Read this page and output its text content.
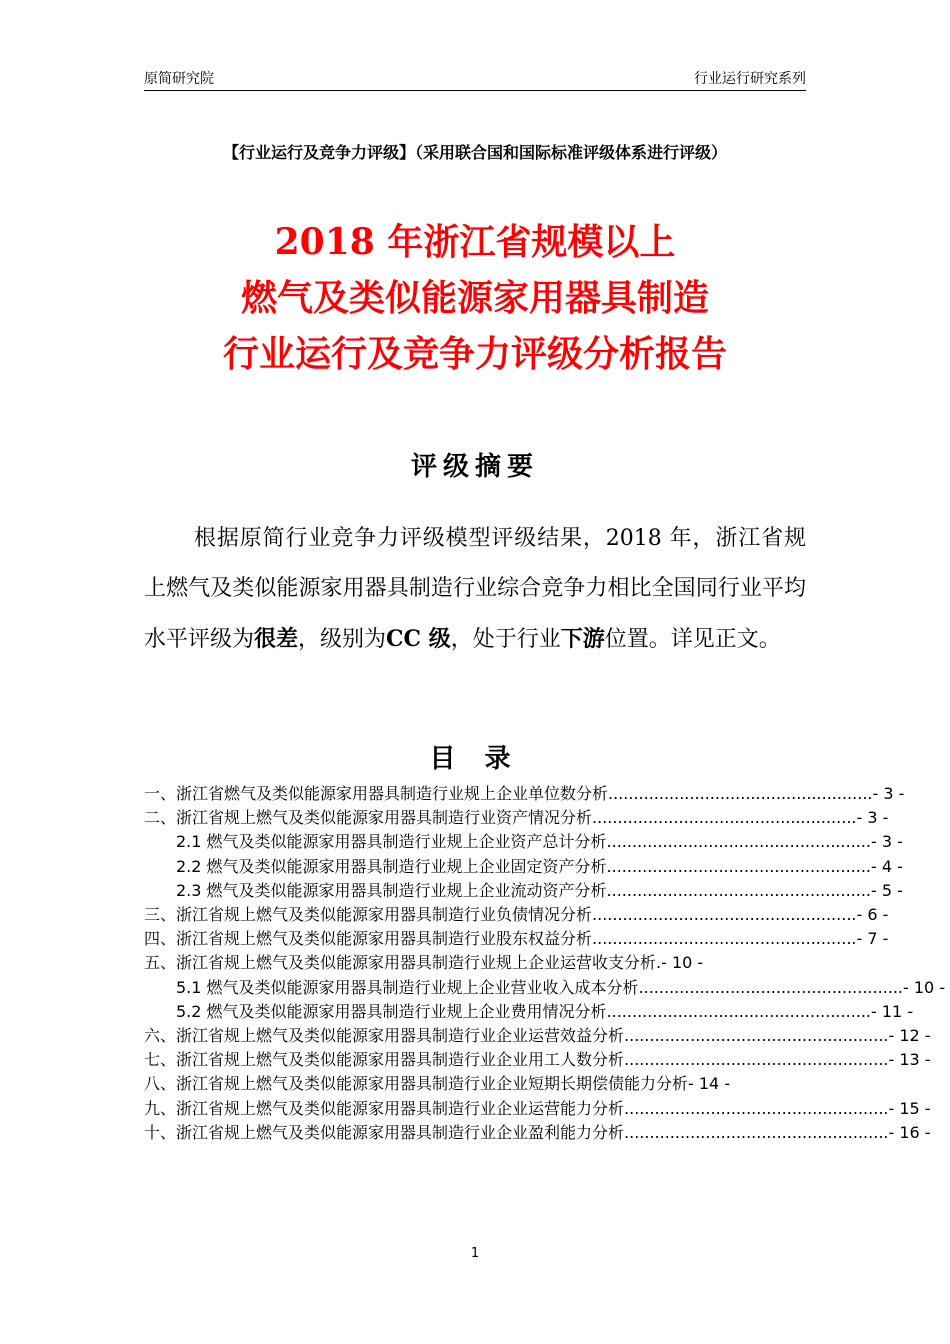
原简研究院	行业运行研究系列
【行业运行及竞争力评级】（采用联合国和国际标准评级体系进行评级）
2018 年浙江省规模以上
燃气及类似能源家用器具制造
行业运行及竞争力评级分析报告
评级摘要

根据原简行业竞争力评级模型评级结果，2018 年，浙江省规上燃气及类似能源家用器具制造行业综合竞争力相比全国同行业平均水平评级为很差，级别为CC 级，处于行业下游位置。详见正文。

目 录
一、浙江省燃气及类似能源家用器具制造行业规上企业单位数分析 .................................................... - 3 -
二、浙江省规上燃气及类似能源家用器具制造行业资产情况分析 .................................................... - 3 -
2.1 燃气及类似能源家用器具制造行业规上企业资产总计分析 .................................................... - 3 -
2.2 燃气及类似能源家用器具制造行业规上企业固定资产分析 .................................................... - 4 -
2.3 燃气及类似能源家用器具制造行业规上企业流动资产分析 .................................................... - 5 -
三、浙江省规上燃气及类似能源家用器具制造行业负债情况分析 .................................................... - 6 -
四、浙江省规上燃气及类似能源家用器具制造行业股东权益分析 .................................................... - 7 -
五、浙江省规上燃气及类似能源家用器具制造行业规上企业运营收支分析. - 10 -
5.1 燃气及类似能源家用器具制造行业规上企业营业收入成本分析 .................................................... - 10 -
5.2 燃气及类似能源家用器具制造行业规上企业费用情况分析 .................................................... - 11 -
六、浙江省规上燃气及类似能源家用器具制造行业企业运营效益分析 .................................................... - 12 -
七、浙江省规上燃气及类似能源家用器具制造行业企业用工人数分析 .................................................... - 13 -
八、浙江省规上燃气及类似能源家用器具制造行业企业短期长期偿债能力分析 - 14 -
九、浙江省规上燃气及类似能源家用器具制造行业企业运营能力分析 .................................................... - 15 -
十、浙江省规上燃气及类似能源家用器具制造行业企业盈利能力分析 .................................................... - 16 -
1
